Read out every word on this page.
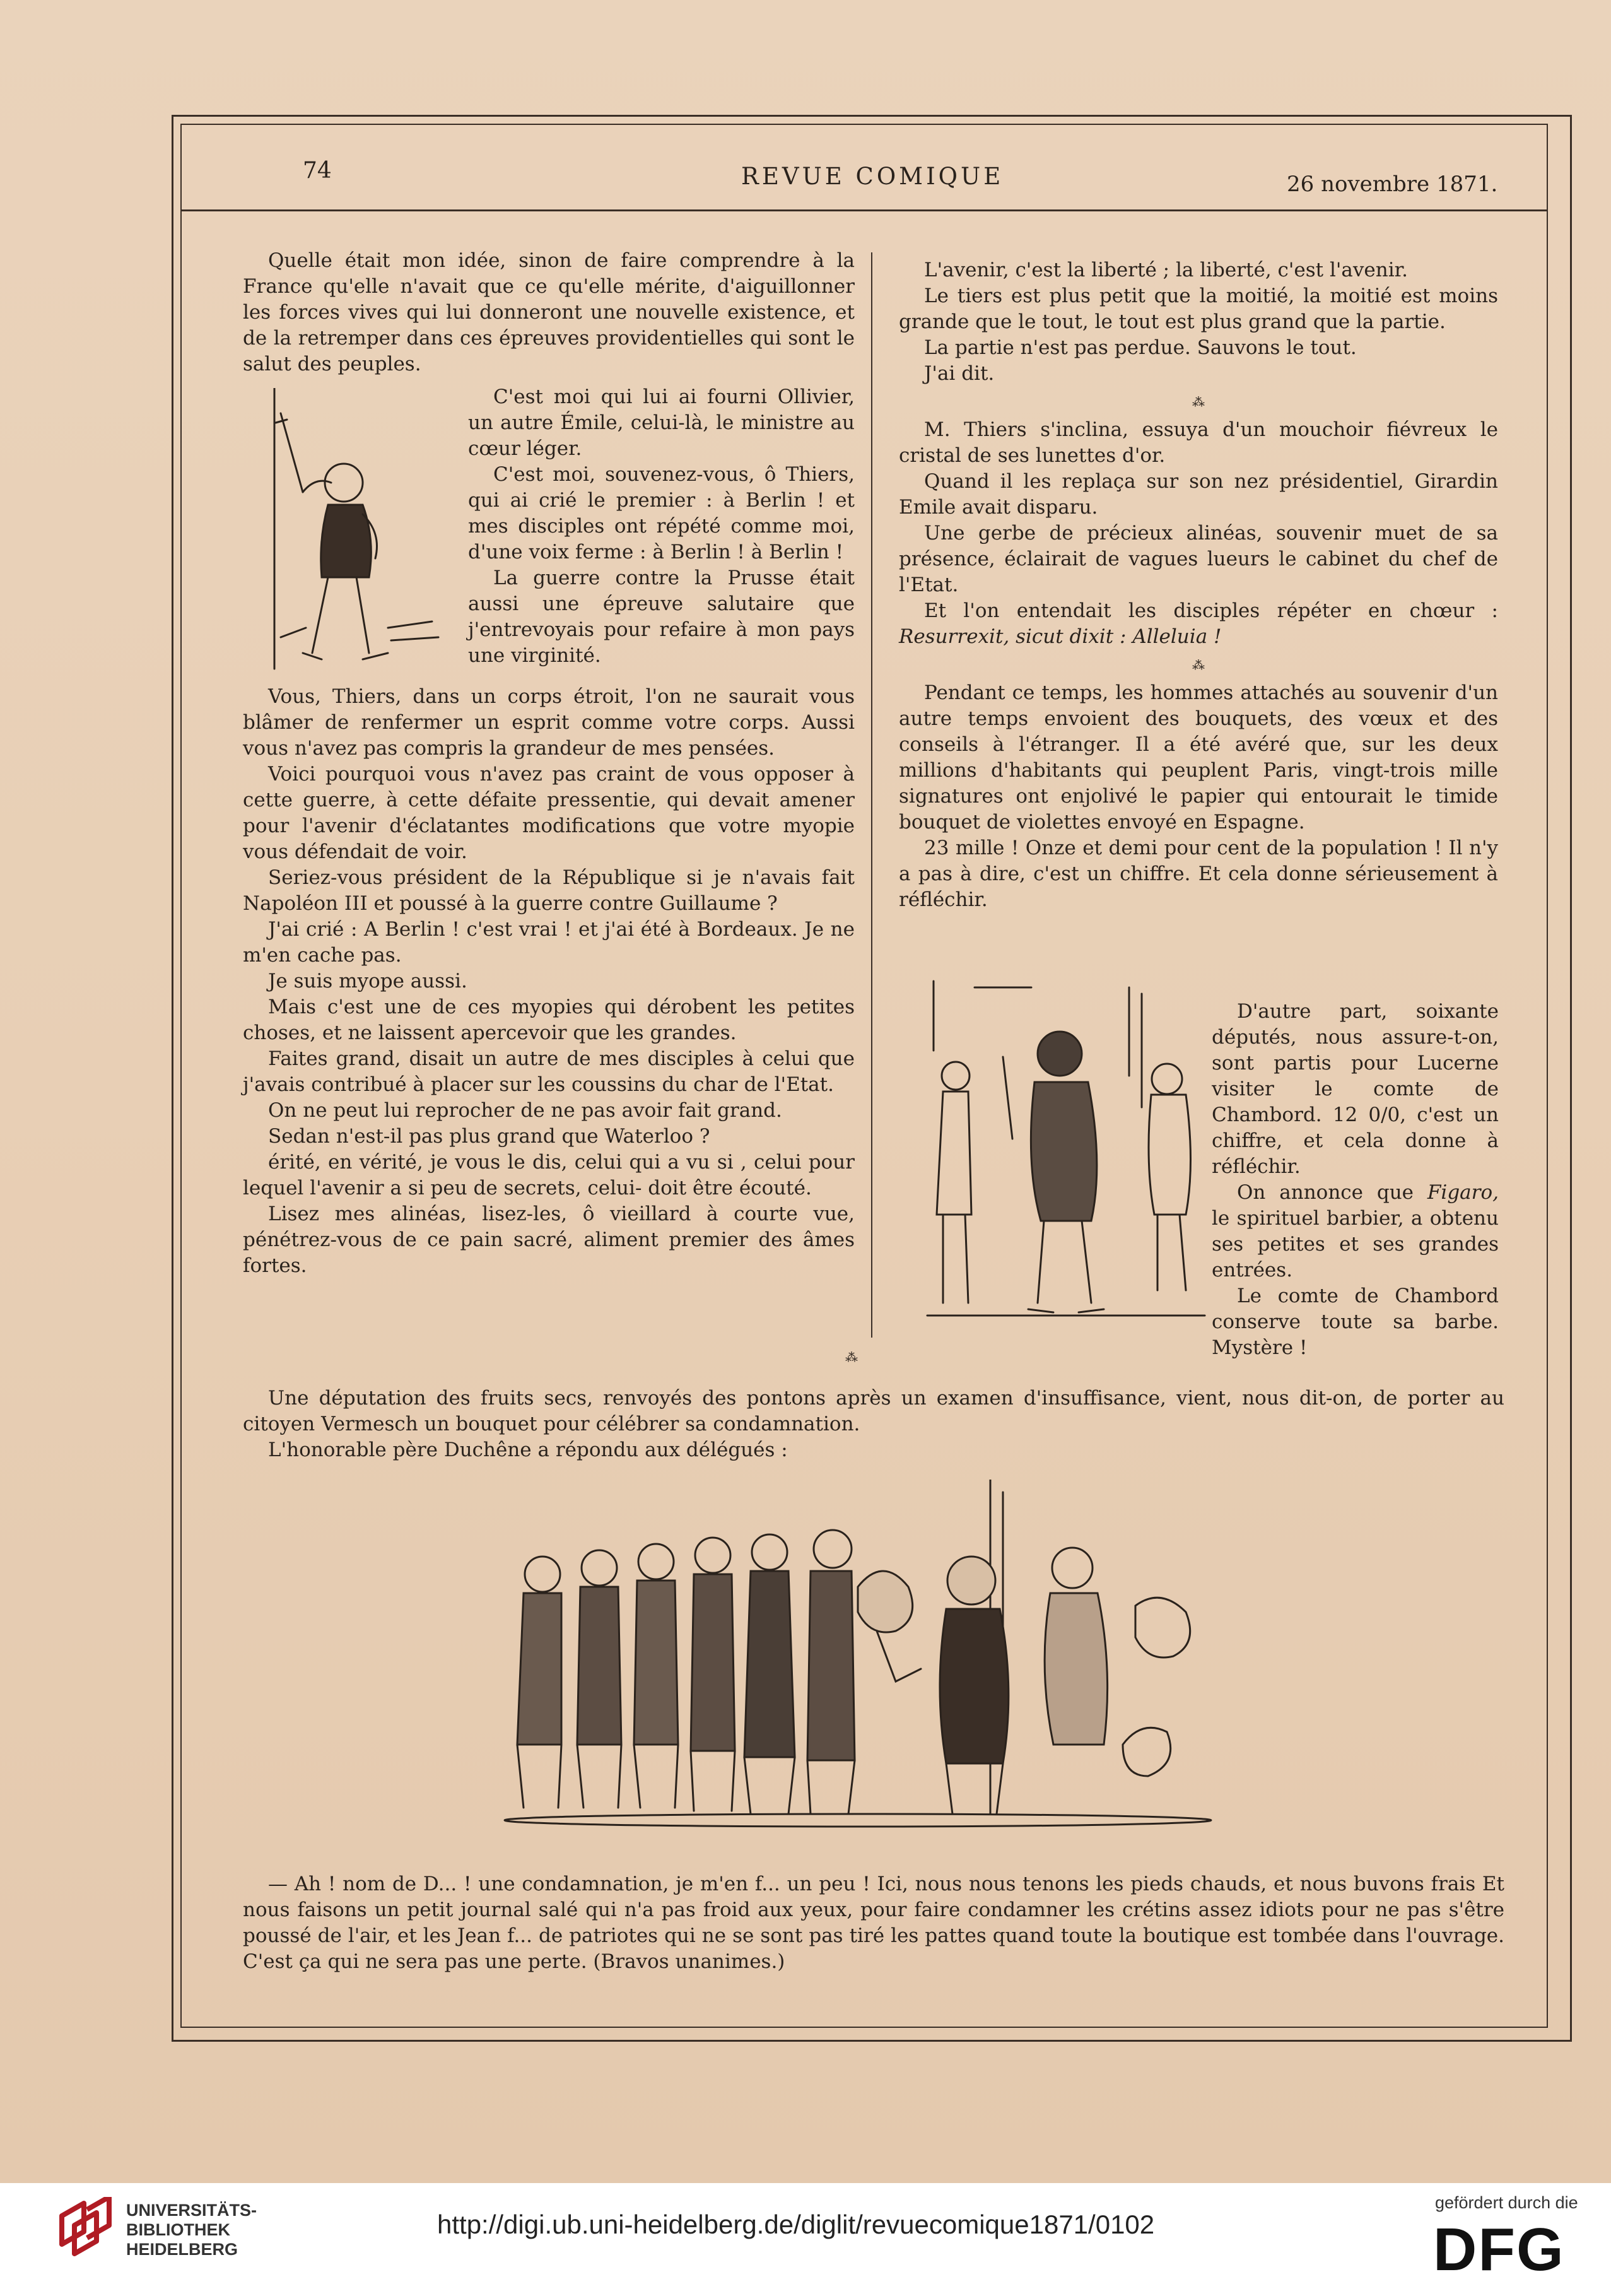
74	REVUE COMIQUE	26 novembre 1871.

Quelle était mon idée, sinon de faire comprendre à la France qu'elle n'avait que ce qu'elle mérite, d'aiguillonner les forces vives qui lui donneront une nouvelle existence, et de la retremper dans ces épreuves providentielles qui sont le salut des peuples.

C'est moi qui lui ai fourni Ollivier, un autre Émile, celui-là, le ministre au cœur léger.

C'est moi, souvenez-vous, ô Thiers, qui ai crié le premier : à Berlin ! et mes disciples ont répété comme moi, d'une voix ferme : à Berlin ! à Berlin !

La guerre contre la Prusse était aussi une épreuve salutaire que j'entrevoyais pour refaire à mon pays une virginité.

Vous, Thiers, dans un corps étroit, l'on ne saurait vous blâmer de renfermer un esprit comme votre corps. Aussi vous n'avez pas compris la grandeur de mes pensées.

Voici pourquoi vous n'avez pas craint de vous opposer à cette guerre, à cette défaite pressentie, qui devait amener pour l'avenir d'éclatantes modifications que votre myopie vous défendait de voir.

Seriez-vous président de la République si je n'avais fait Napoléon III et poussé à la guerre contre Guillaume ?

J'ai crié : A Berlin ! c'est vrai ! et j'ai été à Bordeaux. Je ne m'en cache pas.

Je suis myope aussi.

Mais c'est une de ces myopies qui dérobent les petites choses, et ne laissent apercevoir que les grandes.

Faites grand, disait un autre de mes disciples à celui que j'avais contribué à placer sur les coussins du char de l'Etat.

On ne peut lui reprocher de ne pas avoir fait grand.

Sedan n'est-il pas plus grand que Waterloo ?

érité, en vérité, je vous le dis, celui qui a vu si , celui pour lequel l'avenir a si peu de secrets, celui- doit être écouté.

Lisez mes alinéas, lisez-les, ô vieillard à courte vue, pénétrez-vous de ce pain sacré, aliment premier des âmes fortes.

L'avenir, c'est la liberté ; la liberté, c'est l'avenir.

Le tiers est plus petit que la moitié, la moitié est moins grande que le tout, le tout est plus grand que la partie.

La partie n'est pas perdue. Sauvons le tout.

J'ai dit.

⁂

M. Thiers s'inclina, essuya d'un mouchoir fiévreux le cristal de ses lunettes d'or.

Quand il les replaça sur son nez présidentiel, Girardin Emile avait disparu.

Une gerbe de précieux alinéas, souvenir muet de sa présence, éclairait de vagues lueurs le cabinet du chef de l'Etat.

Et l'on entendait les disciples répéter en chœur : Resurrexit, sicut dixit : Alleluia !

⁂

Pendant ce temps, les hommes attachés au souvenir d'un autre temps envoient des bouquets, des vœux et des conseils à l'étranger. Il a été avéré que, sur les deux millions d'habitants qui peuplent Paris, vingt-trois mille signatures ont enjolivé le papier qui entourait le timide bouquet de violettes envoyé en Espagne.

23 mille ! Onze et demi pour cent de la population ! Il n'y a pas à dire, c'est un chiffre. Et cela donne sérieusement à réfléchir.

D'autre part, soixante députés, nous assure-t-on, sont partis pour Lucerne visiter le comte de Chambord. 12 0/0, c'est un chiffre, et cela donne à réfléchir.

On annonce que Figaro, le spirituel barbier, a obtenu ses petites et ses grandes entrées.

Le comte de Chambord conserve toute sa barbe. Mystère !

⁂

Une députation des fruits secs, renvoyés des pontons après un examen d'insuffisance, vient, nous dit-on, de porter au citoyen Vermesch un bouquet pour célébrer sa condamnation.

L'honorable père Duchêne a répondu aux délégués :

— Ah ! nom de D... ! une condamnation, je m'en f... un peu ! Ici, nous nous tenons les pieds chauds, et nous buvons frais Et nous faisons un petit journal salé qui n'a pas froid aux yeux, pour faire condamner les crétins assez idiots pour ne pas s'être poussé de l'air, et les Jean f... de patriotes qui ne se sont pas tiré les pattes quand toute la boutique est tombée dans l'ouvrage. C'est ça qui ne sera pas une perte. (Bravos unanimes.)

UNIVERSITÄTS-
BIBLIOTHEK
HEIDELBERG
http://digi.ub.uni-heidelberg.de/diglit/revuecomique1871/0102
gefördert durch die
DFG
